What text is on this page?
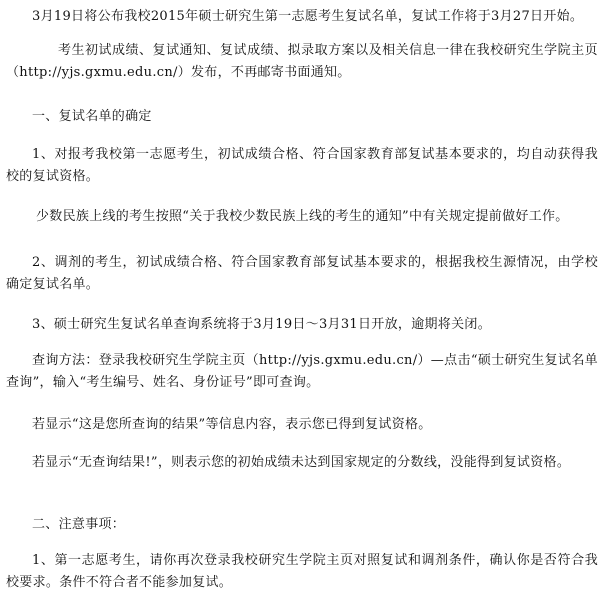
3月19日将公布我校2015年硕士研究生第一志愿考生复试名单，复试工作将于3月27日开始。

考生初试成绩、复试通知、复试成绩、拟录取方案以及相关信息一律在我校研究生学院主页（http://yjs.gxmu.edu.cn/）发布，不再邮寄书面通知。

一、复试名单的确定

1、对报考我校第一志愿考生，初试成绩合格、符合国家教育部复试基本要求的，均自动获得我校的复试资格。

少数民族上线的考生按照“关于我校少数民族上线的考生的通知”中有关规定提前做好工作。

2、调剂的考生，初试成绩合格、符合国家教育部复试基本要求的，根据我校生源情况，由学校确定复试名单。

3、硕士研究生复试名单查询系统将于3月19日～3月31日开放，逾期将关闭。

查询方法：登录我校研究生学院主页（http://yjs.gxmu.edu.cn/）—点击“硕士研究生复试名单查询”，输入“考生编号、姓名、身份证号”即可查询。

若显示“这是您所查询的结果”等信息内容，表示您已得到复试资格。

若显示“无查询结果!”，则表示您的初始成绩未达到国家规定的分数线，没能得到复试资格。

二、注意事项：

1、第一志愿考生，请你再次登录我校研究生学院主页对照复试和调剂条件，确认你是否符合我校要求。条件不符合者不能参加复试。
